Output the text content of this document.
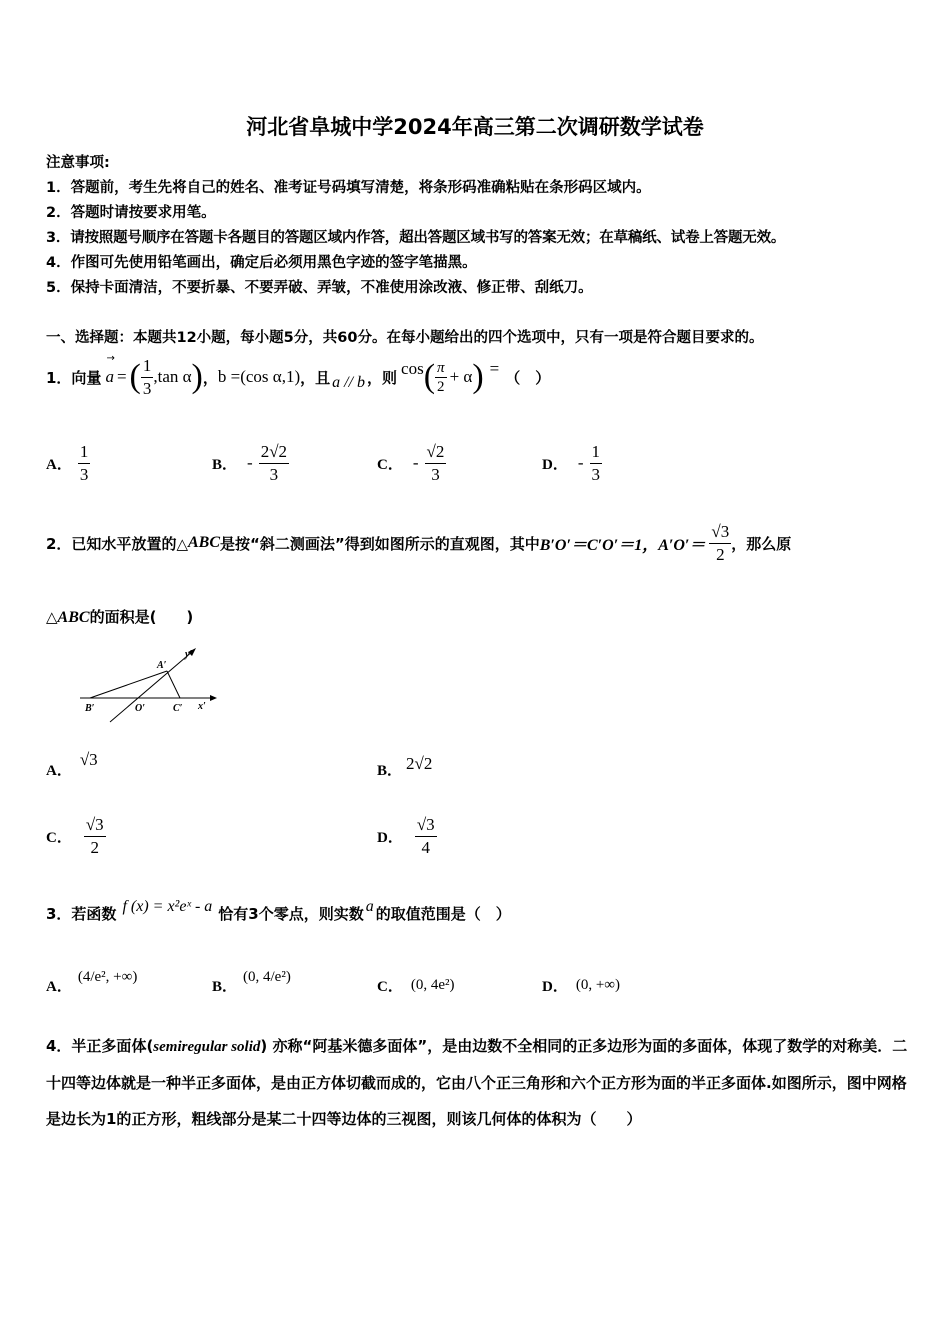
河北省阜城中学2024年高三第二次调研数学试卷
注意事项:
1．答题前，考生先将自己的姓名、准考证号码填写清楚，将条形码准确粘贴在条形码区域内。
2．答题时请按要求用笔。
3．请按照题号顺序在答题卡各题目的答题区域内作答，超出答题区域书写的答案无效；在草稿纸、试卷上答题无效。
4．作图可先使用铅笔画出，确定后必须用黑色字迹的签字笔描黑。
5．保持卡面清洁，不要折暴、不要弄破、弄皱，不准使用涂改液、修正带、刮纸刀。
一、选择题：本题共12小题，每小题5分，共60分。在每小题给出的四个选项中，只有一项是符合题目要求的。
1．向量
→
a = ( $\frac{1}{3} ,\tan$ α ) ， b =(cos α,1) ，且 a // b ，则 cos ( $\frac{\pi}{2} + \alpha$ ) = （　）
A． $\frac{1}{3}$	B． - $\frac{2√2}{3}$	C． - $\frac{√2}{3}$	D． - $\frac{1}{3}$
2．已知水平放置的△ ABC 是按“斜二测画法”得到如图所示的直观图，其中 B′O′＝C′O′＝1，$A'O'= \frac{√3}{2}$ ，那么原
△ABC的面积是(　　)
A′
y′
B′	O′	C′ x′
A．
√3
B． 2√2
C． $\frac{√3}{2}$	D． $\frac{√3}{4}$
3．若函数 f (x) = x²eˣ - a 恰有3个零点，则实数 a 的取值范围是（　）
A．
(4/e², +∞)
B．
(0, 4/e²)
C． (0, 4e²)	D． (0, +∞)
4．半正多面体(semiregular solid) 亦称“阿基米德多面体”，是由边数不全相同的正多边形为面的多面体，体现了数学的对称美．二十四等边体就是一种半正多面体，是由正方体切截而成的，它由八个正三角形和六个正方形为面的半正多面体.如图所示，图中网格是边长为1的正方形，粗线部分是某二十四等边体的三视图，则该几何体的体积为（　　）
